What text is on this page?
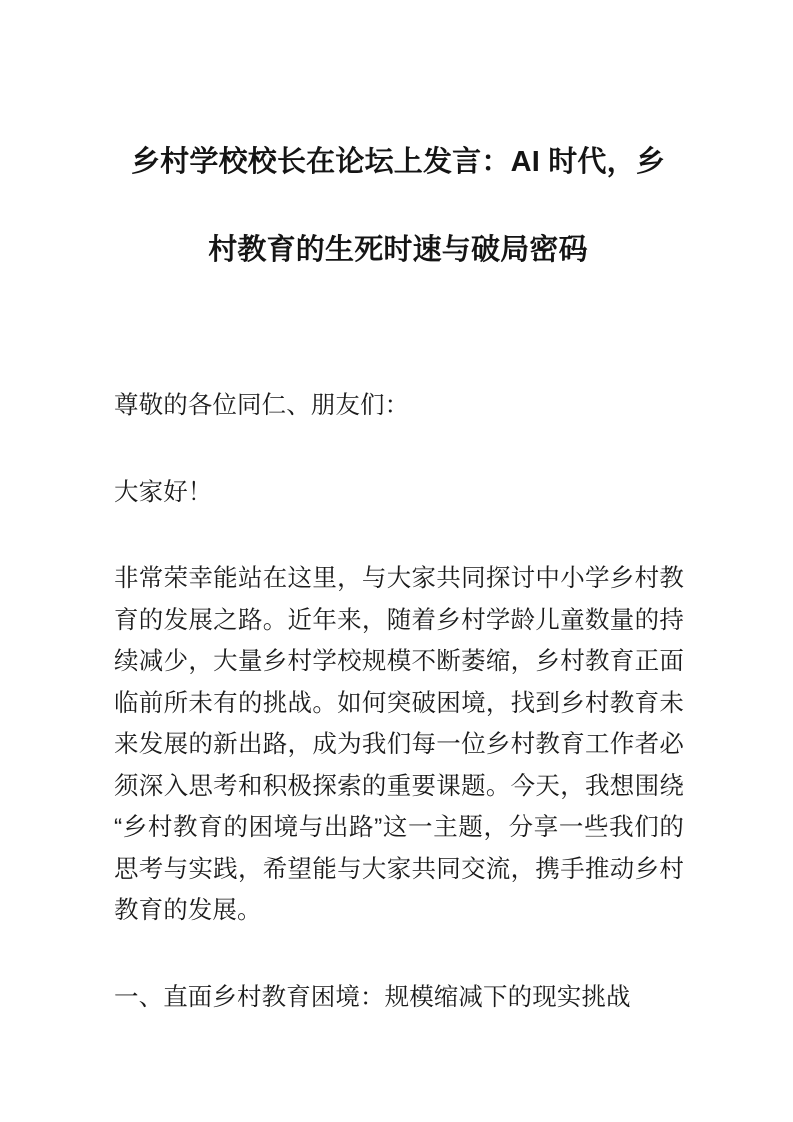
乡村学校校长在论坛上发言：AI 时代，乡
村教育的生死时速与破局密码

尊敬的各位同仁、朋友们：

大家好！

非常荣幸能站在这里，与大家共同探讨中小学乡村教育的发展之路。近年来，随着乡村学龄儿童数量的持续减少，大量乡村学校规模不断萎缩，乡村教育正面临前所未有的挑战。如何突破困境，找到乡村教育未来发展的新出路，成为我们每一位乡村教育工作者必须深入思考和积极探索的重要课题。今天，我想围绕“乡村教育的困境与出路”这一主题，分享一些我们的思考与实践，希望能与大家共同交流，携手推动乡村教育的发展。

一、直面乡村教育困境：规模缩减下的现实挑战
